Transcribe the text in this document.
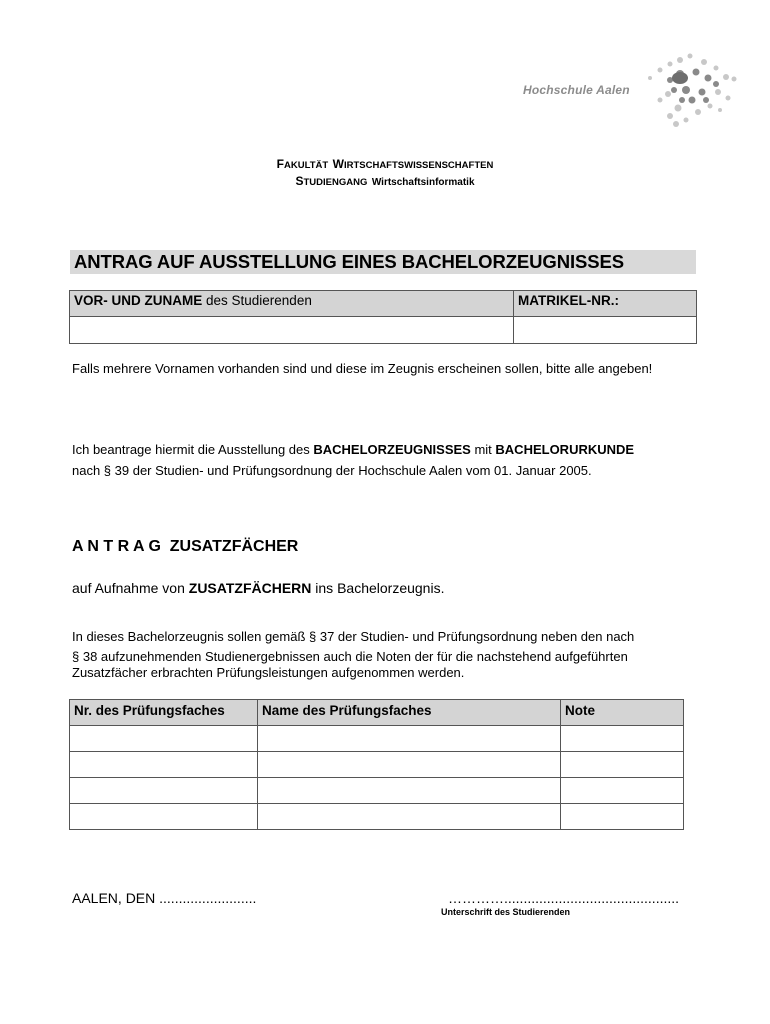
Hochschule Aalen
FAKULTÄT WIRTSCHAFTSWISSENSCHAFTEN
STUDIENGANG Wirtschaftsinformatik
ANTRAG AUF AUSSTELLUNG EINES BACHELORZEUGNISSES
VOR- UND ZUNAME des Studierenden	MATRIKEL-NR.:

Falls mehrere Vornamen vorhanden sind und diese im Zeugnis erscheinen sollen, bitte alle angeben!
Ich beantrage hiermit die Ausstellung des BACHELORZEUGNISSES mit BACHELORURKUNDE
nach § 39 der Studien- und Prüfungsordnung der Hochschule Aalen vom 01. Januar 2005.
A N T R A G ZUSATZFÄCHER
auf Aufnahme von ZUSATZFÄCHERN ins Bachelorzeugnis.
In dieses Bachelorzeugnis sollen gemäß § 37 der Studien- und Prüfungsordnung neben den nach
§ 38 aufzunehmenden Studienergebnissen auch die Noten der für die nachstehend aufgeführten
Zusatzfächer erbrachten Prüfungsleistungen aufgenommen werden.
Nr. des Prüfungsfaches	Name des Prüfungsfaches	Note

AALEN, DEN .........................	………….............................................
Unterschrift des Studierenden
